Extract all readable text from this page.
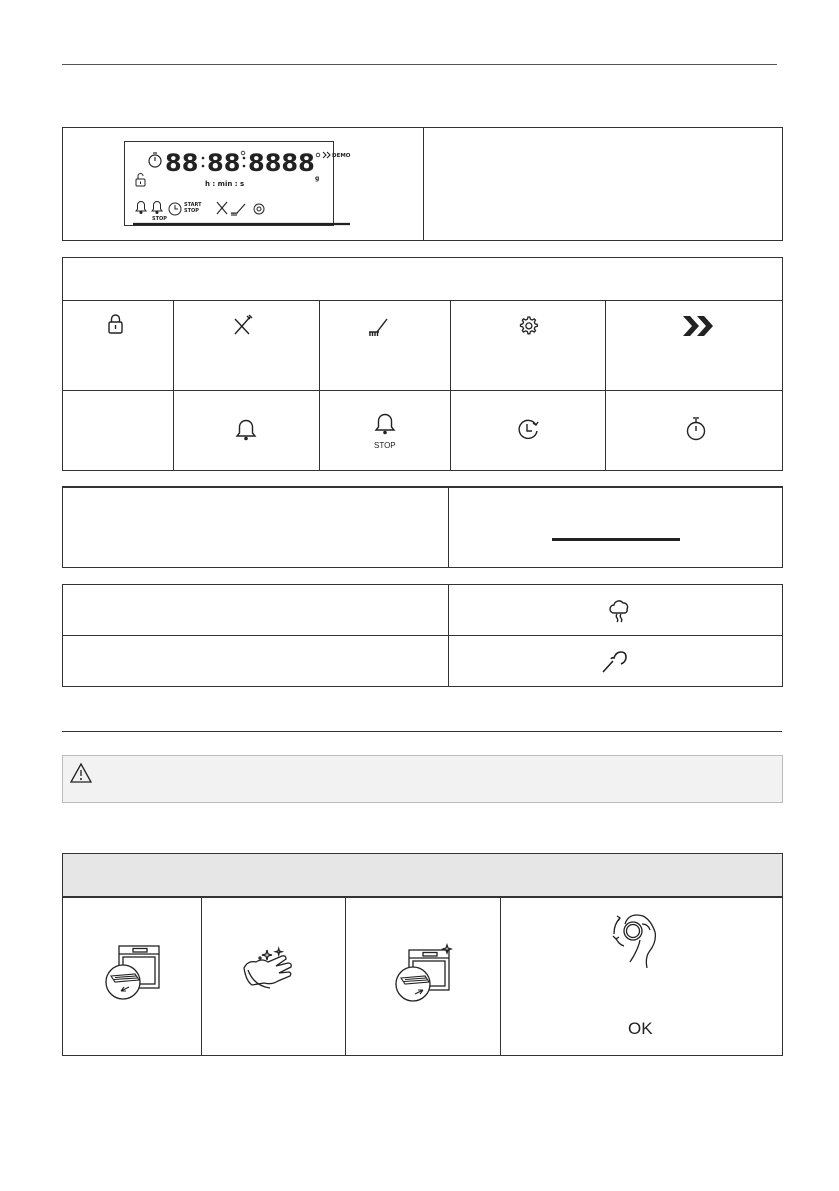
88 88 8888
g
DEMO
h : min : s
STOP
START STOP
STOP
OK
